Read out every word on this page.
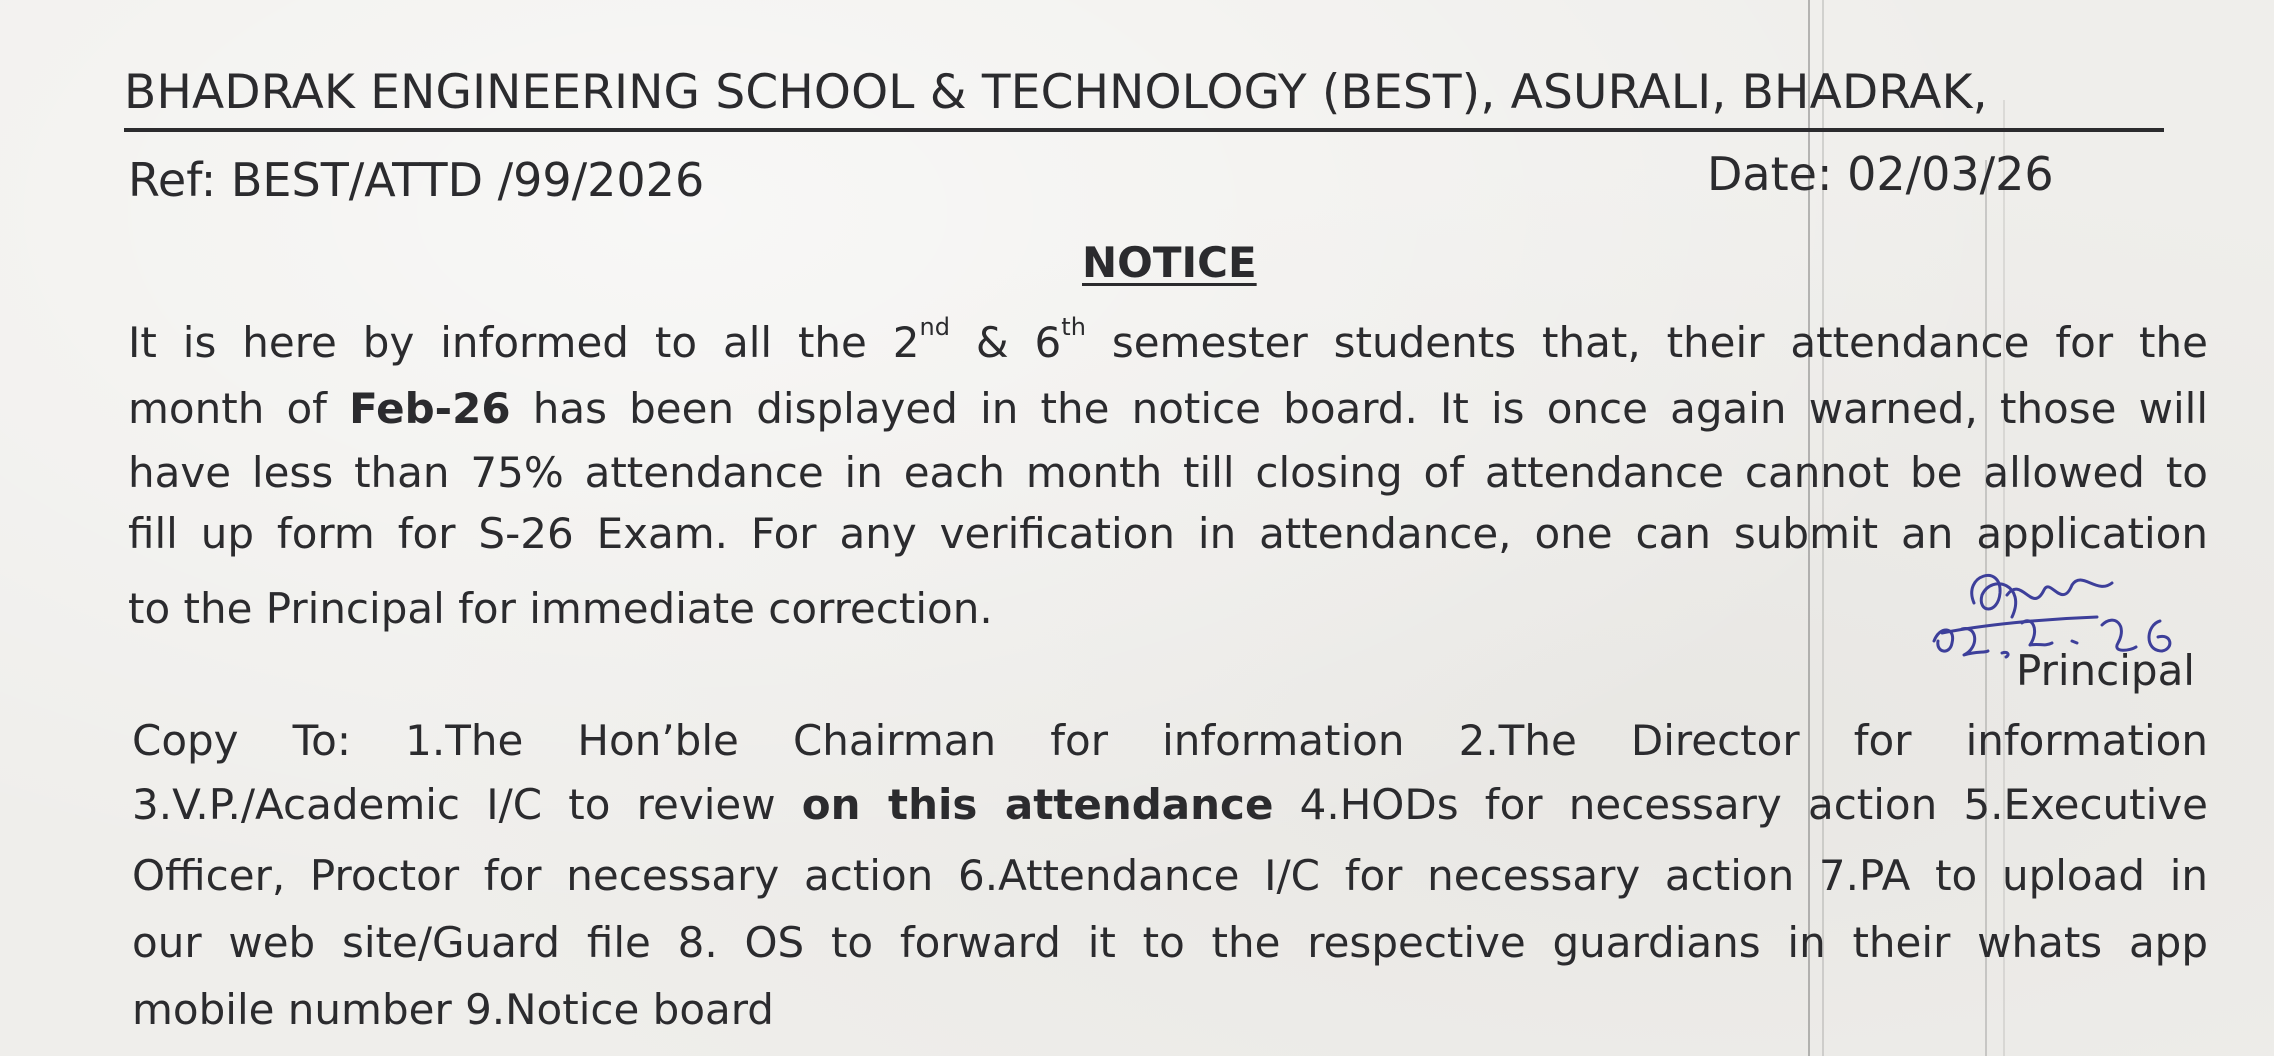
BHADRAK ENGINEERING SCHOOL & TECHNOLOGY (BEST), ASURALI, BHADRAK,
Ref: BEST/ATTD /99/2026	Date: 02/03/26
NOTICE
It is here by informed to all the 2nd & 6th semester students that, their attendance for the
month of Feb-26 has been displayed in the notice board. It is once again warned, those will
have less than 75% attendance in each month till closing of attendance cannot be allowed to
fill up form for S-26 Exam. For any verification in attendance, one can submit an application
to the Principal for immediate correction.
Principal
Copy To: 1.The Hon’ble Chairman for information 2.The Director for information
3.V.P./Academic I/C to review on this attendance 4.HODs for necessary action 5.Executive
Officer, Proctor for necessary action 6.Attendance I/C for necessary action 7.PA to upload in
our web site/Guard file 8. OS to forward it to the respective guardians in their whats app
mobile number 9.Notice board
